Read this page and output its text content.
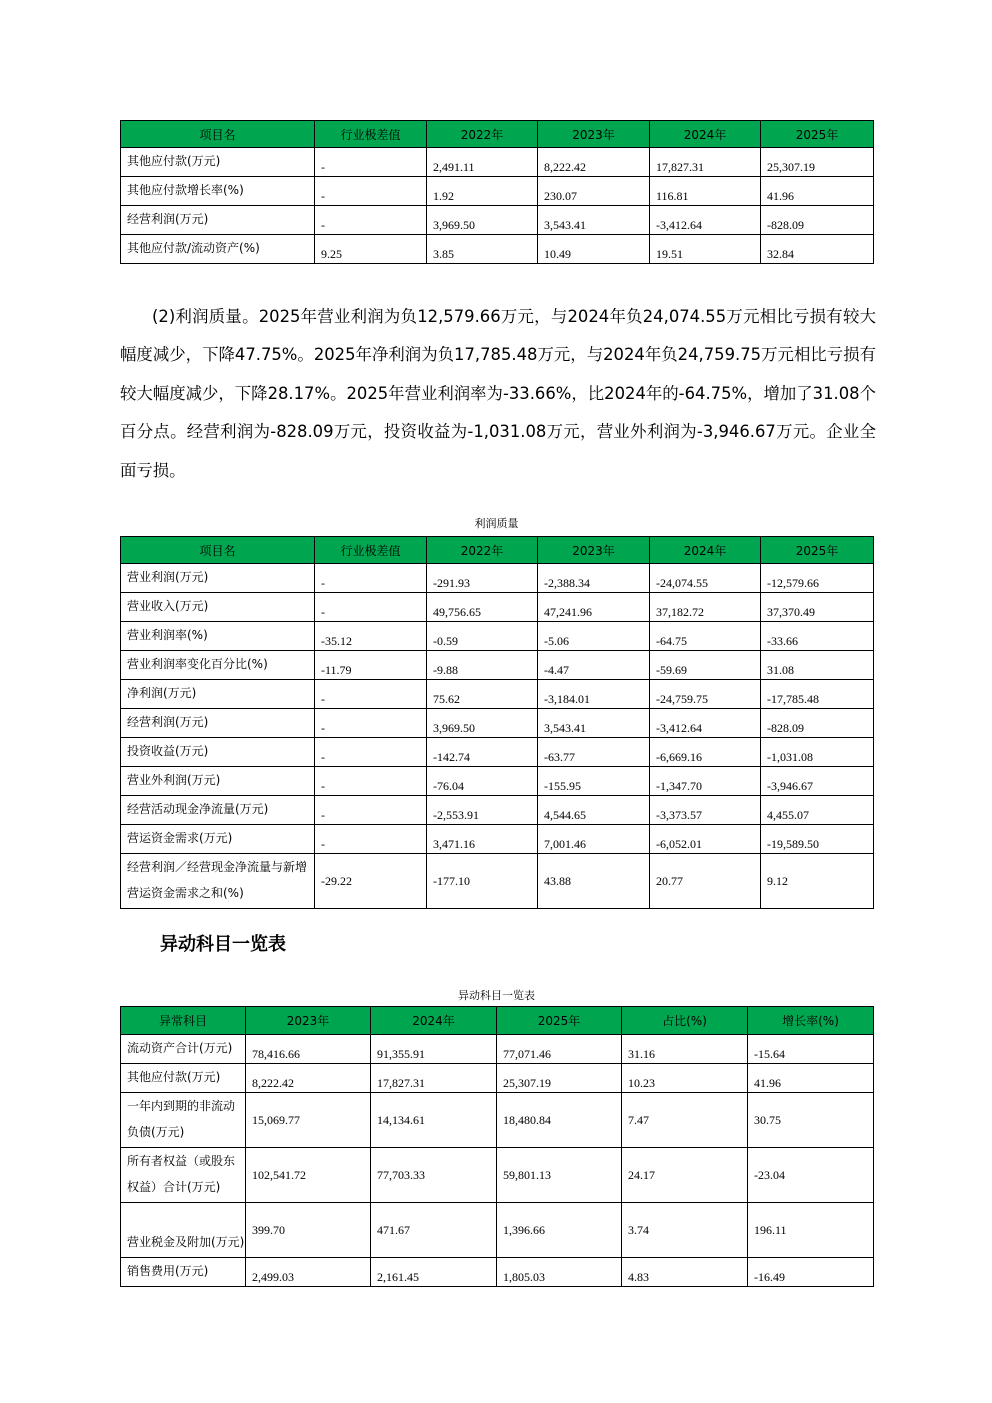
项目名	行业极差值	2022年	2023年	2024年	2025年
其他应付款(万元)	-	2,491.11	8,222.42	17,827.31	25,307.19
其他应付款增长率(%)	-	1.92	230.07	116.81	41.96
经营利润(万元)	-	3,969.50	3,543.41	-3,412.64	-828.09
其他应付款/流动资产(%)	9.25	3.85	10.49	19.51	32.84

(2)利润质量。2025年营业利润为负12,579.66万元，与2024年负24,074.55万元相比亏损有较大幅度减少，下降47.75%。2025年净利润为负17,785.48万元，与2024年负24,759.75万元相比亏损有较大幅度减少，下降28.17%。2025年营业利润率为-33.66%，比2024年的-64.75%，增加了31.08个百分点。经营利润为-828.09万元，投资收益为-1,031.08万元，营业外利润为-3,946.67万元。企业全面亏损。

利润质量
项目名	行业极差值	2022年	2023年	2024年	2025年
营业利润(万元)	-	-291.93	-2,388.34	-24,074.55	-12,579.66
营业收入(万元)	-	49,756.65	47,241.96	37,182.72	37,370.49
营业利润率(%)	-35.12	-0.59	-5.06	-64.75	-33.66
营业利润率变化百分比(%)	-11.79	-9.88	-4.47	-59.69	31.08
净利润(万元)	-	75.62	-3,184.01	-24,759.75	-17,785.48
经营利润(万元)	-	3,969.50	3,543.41	-3,412.64	-828.09
投资收益(万元)	-	-142.74	-63.77	-6,669.16	-1,031.08
营业外利润(万元)	-	-76.04	-155.95	-1,347.70	-3,946.67
经营活动现金净流量(万元)	-	-2,553.91	4,544.65	-3,373.57	4,455.07
营运资金需求(万元)	-	3,471.16	7,001.46	-6,052.01	-19,589.50
经营利润／经营现金净流量与新增营运资金需求之和(%)	-29.22	-177.10	43.88	20.77	9.12
异动科目一览表
异动科目一览表
异常科目	2023年	2024年	2025年	占比(%)	增长率(%)
流动资产合计(万元)	78,416.66	91,355.91	77,071.46	31.16	-15.64
其他应付款(万元)	8,222.42	17,827.31	25,307.19	10.23	41.96
一年内到期的非流动负债(万元)	15,069.77	14,134.61	18,480.84	7.47	30.75
所有者权益（或股东权益）合计(万元)	102,541.72	77,703.33	59,801.13	24.17	-23.04
营业税金及附加(万元)	399.70	471.67	1,396.66	3.74	196.11
销售费用(万元)	2,499.03	2,161.45	1,805.03	4.83	-16.49
